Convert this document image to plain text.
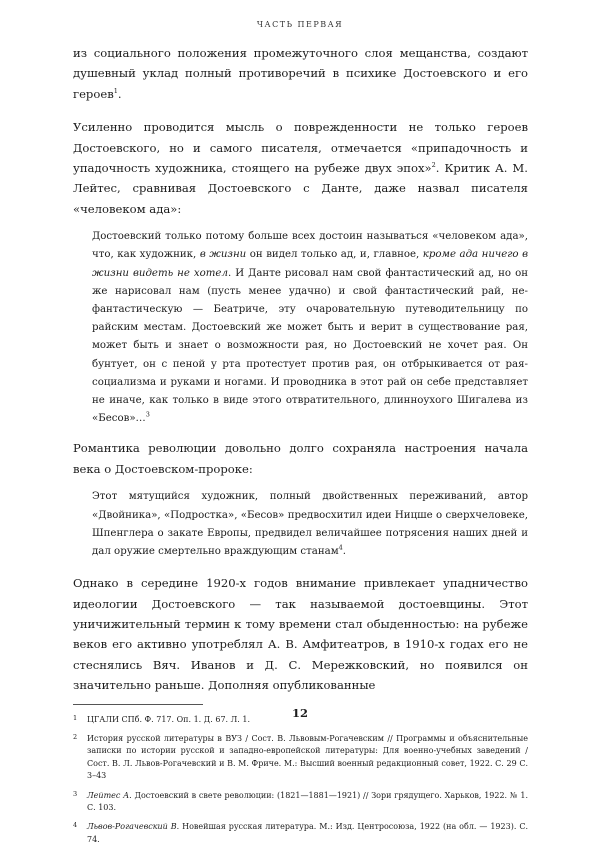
ЧАСТЬ ПЕРВАЯ

из социального положения промежуточного слоя мещанства, создают душевный уклад полный противоречий в психике Достоевского и его героев$^1$.

Усиленно проводится мысль о поврежденности не только героев Достоевского, но и самого писателя, отмечается «припадочность и упадочность художника, стоящего на рубеже двух эпох»$^2$. Критик А. М. Лейтес, сравнивая Достоевского с Данте, даже назвал писателя «человеком ада»:

Достоевский только потому больше всех достоин называться «человеком ада», что, как художник, в жизни он видел только ад, и, главное, кроме ада ничего в жизни видеть не хотел. И Данте рисовал нам свой фантастический ад, но он же нарисовал нам (пусть менее удачно) и свой фантастический рай, не-фантастическую — Беатриче, эту очаровательную путеводительницу по райским местам. Достоевский же может быть и верит в существование рая, может быть и знает о возможности рая, но Достоевский не хочет рая. Он бунтует, он с пеной у рта протестует против рая, он отбрыкивается от рая-социализма и руками и ногами. И проводника в этот рай он себе представляет не иначе, как только в виде этого отвратительного, длинноухого Шигалева из «Бесов»…$^3$

Романтика революции довольно долго сохраняла настроения начала века о Достоевском-пророке:

Этот мятущийся художник, полный двойственных переживаний, автор «Двойника», «Подростка», «Бесов» предвосхитил идеи Ницше о сверхчеловеке, Шпенглера о закате Европы, предвидел величайшее потрясения наших дней и дал оружие смертельно враждующим станам$^4$.

Однако в середине 1920-х годов внимание привлекает упадничество идеологии Достоевского — так называемой достоевщины. Этот уничижительный термин к тому времени стал обыденностью: на рубеже веков его активно употреблял А. В. Амфитеатров, в 1910-х годах его не стеснялись Вяч. Иванов и Д. С. Мережковский, но появился он значительно раньше. Дополняя опубликованные

1 ЦГАЛИ СПб. Ф. 717. Оп. 1. Д. 67. Л. 1.

2 История русской литературы в ВУЗ / Сост. В. Львовым-Рогачевским // Программы и объяснительные записки по истории русской и западно-европейской литературы: Для военно-учебных заведений / Сост. В. Л. Львов-Рогачевский и В. М. Фриче. М.: Высший военный редакционный совет, 1922. С. 29 С. 3–43

3 Лейтес А. Достоевский в свете революции: (1821—1881—1921) // Зори грядущего. Харьков, 1922. № 1. С. 103.

4 Львов-Рогачевский В. Новейшая русская литература. М.: Изд. Центросоюза, 1922 (на обл. — 1923). С. 74.

12
